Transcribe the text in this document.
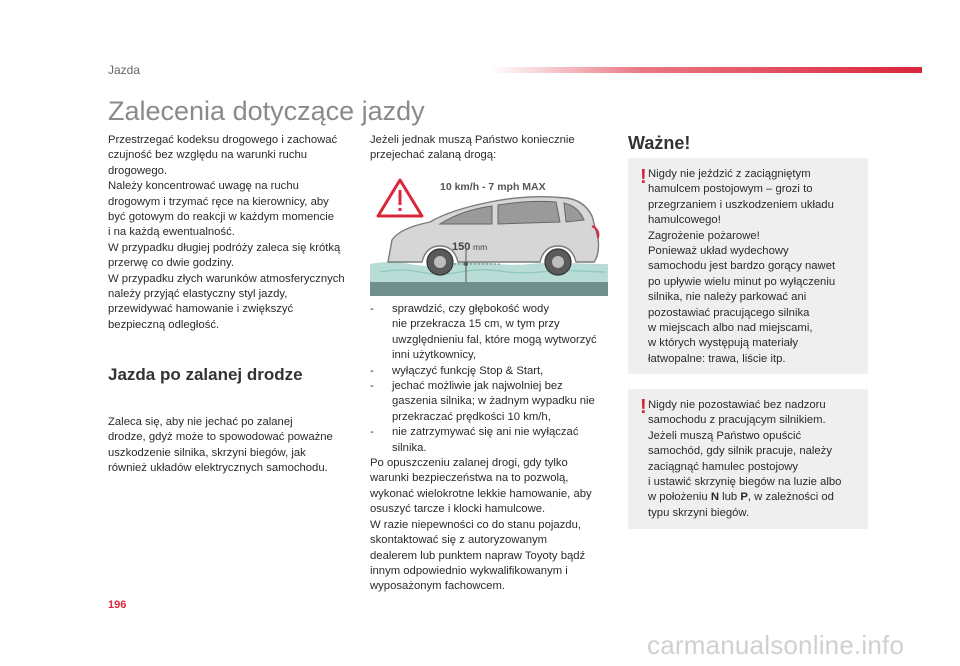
Jazda
Zalecenia dotyczące jazdy
Przestrzegać kodeksu drogowego i zachować
czujność bez względu na warunki ruchu
drogowego.
Należy koncentrować uwagę na ruchu
drogowym i trzymać ręce na kierownicy, aby
być gotowym do reakcji w każdym momencie
i na każdą ewentualność.
W przypadku długiej podróży zaleca się krótką
przerwę co dwie godziny.
W przypadku złych warunków atmosferycznych
należy przyjąć elastyczny styl jazdy,
przewidywać hamowanie i zwiększyć
bezpieczną odległość.
Jazda po zalanej drodze
Zaleca się, aby nie jechać po zalanej
drodze, gdyż może to spowodować poważne
uszkodzenie silnika, skrzyni biegów, jak
również układów elektrycznych samochodu.
Jeżeli jednak muszą Państwo koniecznie
przejechać zalaną drogą:
10 km/h - 7 mph MAX
150 mm
-	sprawdzić, czy głębokość wody
nie przekracza 15 cm, w tym przy
uwzględnieniu fal, które mogą wytworzyć
inni użytkownicy,
-	wyłączyć funkcję Stop & Start,
-	jechać możliwie jak najwolniej bez
gaszenia silnika; w żadnym wypadku nie
przekraczać prędkości 10 km/h,
-	nie zatrzymywać się ani nie wyłączać
silnika.
Po opuszczeniu zalanej drogi, gdy tylko
warunki bezpieczeństwa na to pozwolą,
wykonać wielokrotne lekkie hamowanie, aby
osuszyć tarcze i klocki hamulcowe.
W razie niepewności co do stanu pojazdu,
skontaktować się z autoryzowanym
dealerem lub punktem napraw Toyoty bądź
innym odpowiednio wykwalifikowanym i
wyposażonym fachowcem.
Ważne!
! Nigdy nie jeździć z zaciągniętym
hamulcem postojowym – grozi to
przegrzaniem i uszkodzeniem układu
hamulcowego!
Zagrożenie pożarowe!
Ponieważ układ wydechowy
samochodu jest bardzo gorący nawet
po upływie wielu minut po wyłączeniu
silnika, nie należy parkować ani
pozostawiać pracującego silnika
w miejscach albo nad miejscami,
w których występują materiały
łatwopalne: trawa, liście itp.
! Nigdy nie pozostawiać bez nadzoru
samochodu z pracującym silnikiem.
Jeżeli muszą Państwo opuścić
samochód, gdy silnik pracuje, należy
zaciągnąć hamulec postojowy
i ustawić skrzynię biegów na luzie albo
w położeniu N lub P, w zależności od
typu skrzyni biegów.
196
carmanualsonline.info
